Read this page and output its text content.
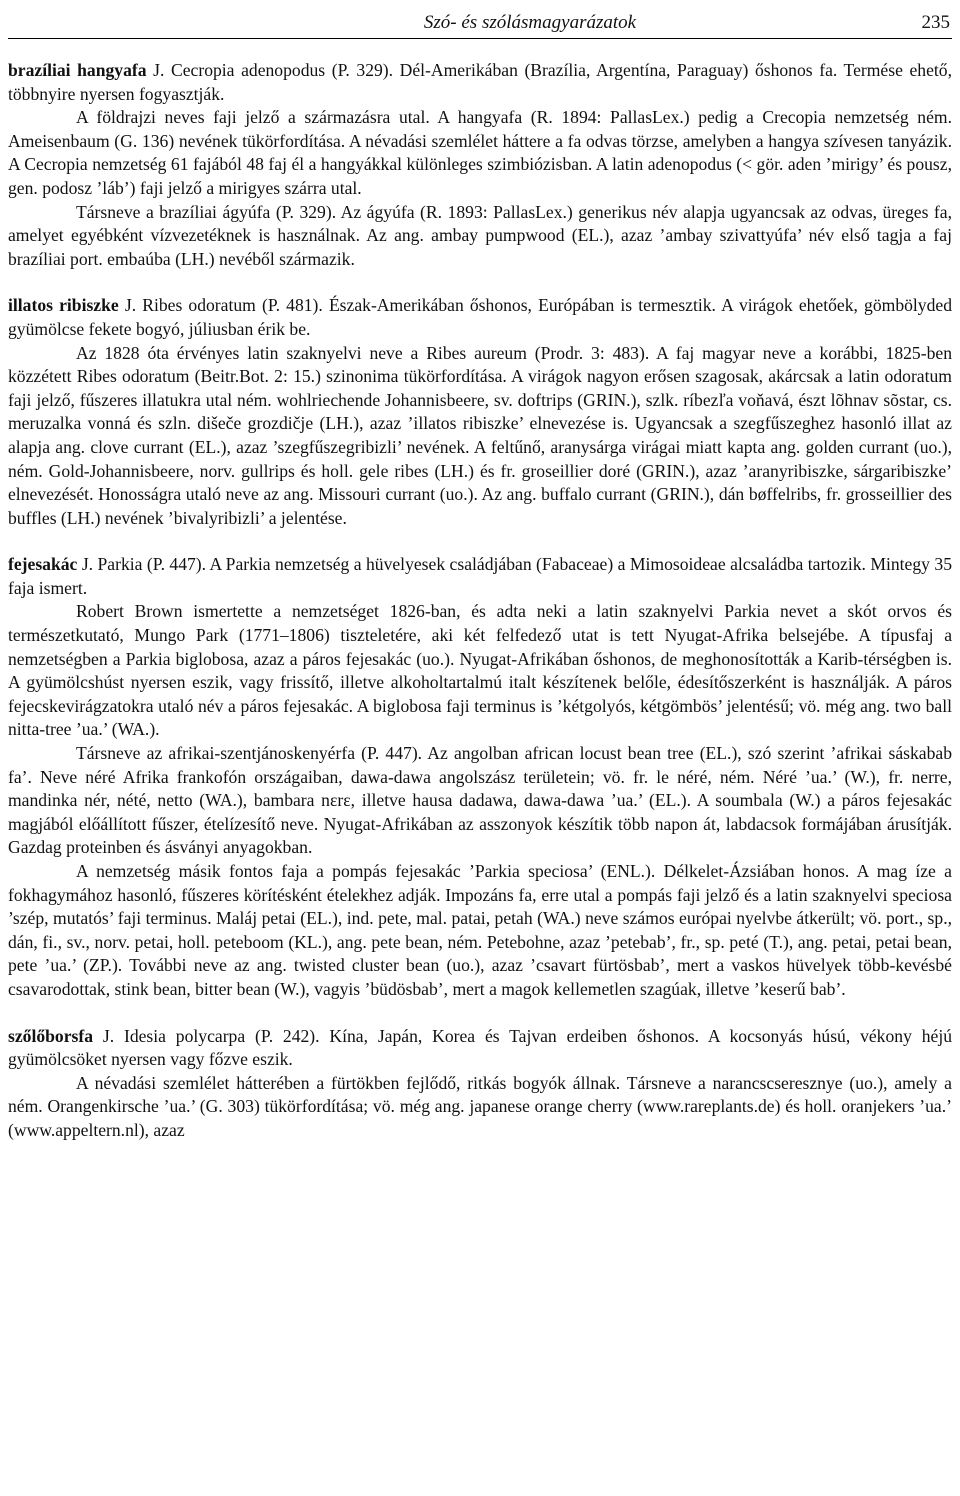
Szó- és szólásmagyarázatok	235

brazíliai hangyafa J. Cecropia adenopodus (P. 329). Dél-Amerikában (Brazília, Argentína, Paraguay) őshonos fa. Termése ehető, többnyire nyersen fogyasztják.

A földrajzi neves faji jelző a származásra utal. A hangyafa (R. 1894: PallasLex.) pedig a Crecopia nemzetség ném. Ameisenbaum (G. 136) nevének tükörfordítása. A névadási szemlélet háttere a fa odvas törzse, amelyben a hangya szívesen tanyázik. A Cecropia nemzetség 61 fajából 48 faj él a hangyákkal különleges szimbiózisban. A latin adenopodus (< gör. aden ’mirigy’ és pousz, gen. podosz ’láb’) faji jelző a mirigyes szárra utal.

Társneve a brazíliai ágyúfa (P. 329). Az ágyúfa (R. 1893: PallasLex.) generikus név alapja ugyancsak az odvas, üreges fa, amelyet egyébként vízvezetéknek is használnak. Az ang. ambay pumpwood (EL.), azaz ’ambay szivattyúfa’ név első tagja a faj brazíliai port. embaúba (LH.) nevéből származik.

illatos ribiszke J. Ribes odoratum (P. 481). Észak-Amerikában őshonos, Európában is termesztik. A virágok ehetőek, gömbölyded gyümölcse fekete bogyó, júliusban érik be.

Az 1828 óta érvényes latin szaknyelvi neve a Ribes aureum (Prodr. 3: 483). A faj magyar neve a korábbi, 1825-ben közzétett Ribes odoratum (Beitr.Bot. 2: 15.) szinonima tükörfordítása. A virágok nagyon erősen szagosak, akárcsak a latin odoratum faji jelző, fűszeres illatukra utal ném. wohlriechende Johannisbeere, sv. doftrips (GRIN.), szlk. ríbezľa voňavá, észt lõhnav sõstar, cs. meruzalka vonná és szln. dišeče grozdičje (LH.), azaz ’illatos ribiszke’ elnevezése is. Ugyancsak a szegfűszeghez hasonló illat az alapja ang. clove currant (EL.), azaz ’szegfűszegribizli’ nevének. A feltűnő, aranysárga virágai miatt kapta ang. golden currant (uo.), ném. Gold-Johannisbeere, norv. gullrips és holl. gele ribes (LH.) és fr. groseillier doré (GRIN.), azaz ’aranyribiszke, sárgaribiszke’ elnevezését. Honosságra utaló neve az ang. Missouri currant (uo.). Az ang. buffalo currant (GRIN.), dán bøffelribs, fr. grosseillier des buffles (LH.) nevének ’bivalyribizli’ a jelentése.

fejesakác J. Parkia (P. 447). A Parkia nemzetség a hüvelyesek családjában (Fabaceae) a Mimosoideae alcsaládba tartozik. Mintegy 35 faja ismert.

Robert Brown ismertette a nemzetséget 1826-ban, és adta neki a latin szaknyelvi Parkia nevet a skót orvos és természetkutató, Mungo Park (1771–1806) tiszteletére, aki két felfedező utat is tett Nyugat-Afrika belsejébe. A típusfaj a nemzetségben a Parkia biglobosa, azaz a páros fejesakác (uo.). Nyugat-Afrikában őshonos, de meghonosították a Karib-térségben is. A gyümölcshúst nyersen eszik, vagy frissítő, illetve alkoholtartalmú italt készítenek belőle, édesítőszerként is használják. A páros fejecskevirágzatokra utaló név a páros fejesakác. A biglobosa faji terminus is ’kétgolyós, kétgömbös’ jelentésű; vö. még ang. two ball nitta-tree ’ua.’ (WA.).

Társneve az afrikai-szentjánoskenyérfa (P. 447). Az angolban african locust bean tree (EL.), szó szerint ’afrikai sáskabab fa’. Neve néré Afrika frankofón országaiban, dawa-dawa angolszász területein; vö. fr. le néré, ném. Néré ’ua.’ (W.), fr. nerre, mandinka nér, nété, netto (WA.), bambara nɛrɛ, illetve hausa dadawa, dawa-dawa ’ua.’ (EL.). A soumbala (W.) a páros fejesakác magjából előállított fűszer, ételízesítő neve. Nyugat-Afrikában az asszonyok készítik több napon át, labdacsok formájában árusítják. Gazdag proteinben és ásványi anyagokban.

A nemzetség másik fontos faja a pompás fejesakác ’Parkia speciosa’ (ENL.). Délkelet-Ázsiában honos. A mag íze a fokhagymához hasonló, fűszeres körítésként ételekhez adják. Impozáns fa, erre utal a pompás faji jelző és a latin szaknyelvi speciosa ’szép, mutatós’ faji terminus. Maláj petai (EL.), ind. pete, mal. patai, petah (WA.) neve számos európai nyelvbe átkerült; vö. port., sp., dán, fi., sv., norv. petai, holl. peteboom (KL.), ang. pete bean, ném. Petebohne, azaz ’petebab’, fr., sp. peté (T.), ang. petai, petai bean, pete ’ua.’ (ZP.). További neve az ang. twisted cluster bean (uo.), azaz ’csavart fürtösbab’, mert a vaskos hüvelyek több-kevésbé csavarodottak, stink bean, bitter bean (W.), vagyis ’büdösbab’, mert a magok kellemetlen szagúak, illetve ’keserű bab’.

szőlőborsfa J. Idesia polycarpa (P. 242). Kína, Japán, Korea és Tajvan erdeiben őshonos. A kocsonyás húsú, vékony héjú gyümölcsöket nyersen vagy főzve eszik.

A névadási szemlélet hátterében a fürtökben fejlődő, ritkás bogyók állnak. Társneve a narancscseresznye (uo.), amely a ném. Orangenkirsche ’ua.’ (G. 303) tükörfordítása; vö. még ang. japanese orange cherry (www.rareplants.de) és holl. oranjekers ’ua.’ (www.appeltern.nl), azaz
